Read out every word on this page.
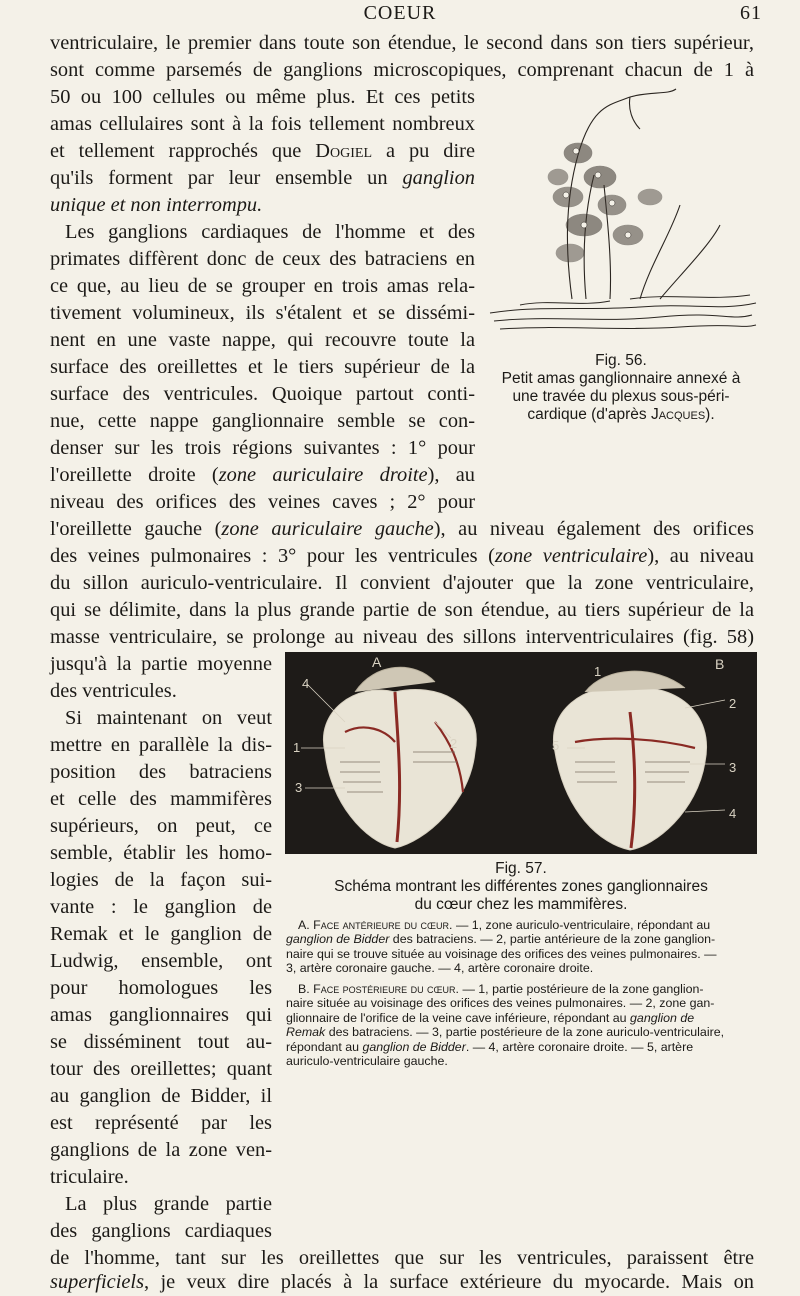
COEUR	61
ventriculaire, le premier dans toute son étendue, le second dans son tiers supérieur,
sont comme parsemés de ganglions microscopiques, comprenant chacun de 1 à
50 ou 100 cellules ou même plus. Et ces petits
amas cellulaires sont à la fois tellement nombreux
et tellement rapprochés que Dogiel a pu dire
qu'ils forment par leur ensemble un ganglion
unique et non interrompu.
Les ganglions cardiaques de l'homme et des
primates diffèrent donc de ceux des batraciens en
ce que, au lieu de se grouper en trois amas rela-
tivement volumineux, ils s'étalent et se dissémi-
nent en une vaste nappe, qui recouvre toute la
surface des oreillettes et le tiers supérieur de la
surface des ventricules. Quoique partout conti-
nue, cette nappe ganglionnaire semble se con-
denser sur les trois régions suivantes : 1° pour
l'oreillette droite (zone auriculaire droite), au
niveau des orifices des veines caves ; 2° pour
l'oreillette gauche (zone auriculaire gauche), au niveau également des orifices
des veines pulmonaires : 3° pour les ventricules (zone ventriculaire), au niveau
du sillon auriculo-ventriculaire. Il convient d'ajouter que la zone ventriculaire,
qui se délimite, dans la plus grande partie de son étendue, au tiers supérieur de la
masse ventriculaire, se prolonge au niveau des sillons interventriculaires (fig. 58)
jusqu'à la partie moyenne
des ventricules.
Si maintenant on veut
mettre en parallèle la dis-
position des batraciens
et celle des mammifères
supérieurs, on peut, ce
semble, établir les homo-
logies de la façon sui-
vante : le ganglion de
Remak et le ganglion de
Ludwig, ensemble, ont
pour homologues les
amas ganglionnaires qui
se disséminent tout au-
tour des oreillettes; quant
au ganglion de Bidder, il
est représenté par les
ganglions de la zone ven-
triculaire.
La plus grande partie
des ganglions cardiaques
de l'homme, tant sur les oreillettes que sur les ventricules, paraissent être
superficiels, je veux dire placés à la surface extérieure du myocarde. Mais on
Fig. 56.
Petit amas ganglionnaire annexé à
une travée du plexus sous-péri-
cardique (d'après Jacques).
A	B
4
1	2
3
1
2
5
3
4
Fig. 57.
Schéma montrant les différentes zones ganglionnaires
du cœur chez les mammifères.
A. Face antérieure du cœur. — 1, zone auriculo-ventriculaire, répondant au
ganglion de Bidder des batraciens. — 2, partie antérieure de la zone ganglion-
naire qui se trouve située au voisinage des orifices des veines pulmonaires. —
3, artère coronaire gauche. — 4, artère coronaire droite.
B. Face postérieure du cœur. — 1, partie postérieure de la zone ganglion-
naire située au voisinage des orifices des veines pulmonaires. — 2, zone gan-
glionnaire de l'orifice de la veine cave inférieure, répondant au ganglion de
Remak des batraciens. — 3, partie postérieure de la zone auriculo-ventriculaire,
répondant au ganglion de Bidder. — 4, artère coronaire droite. — 5, artère
auriculo-ventriculaire gauche.
